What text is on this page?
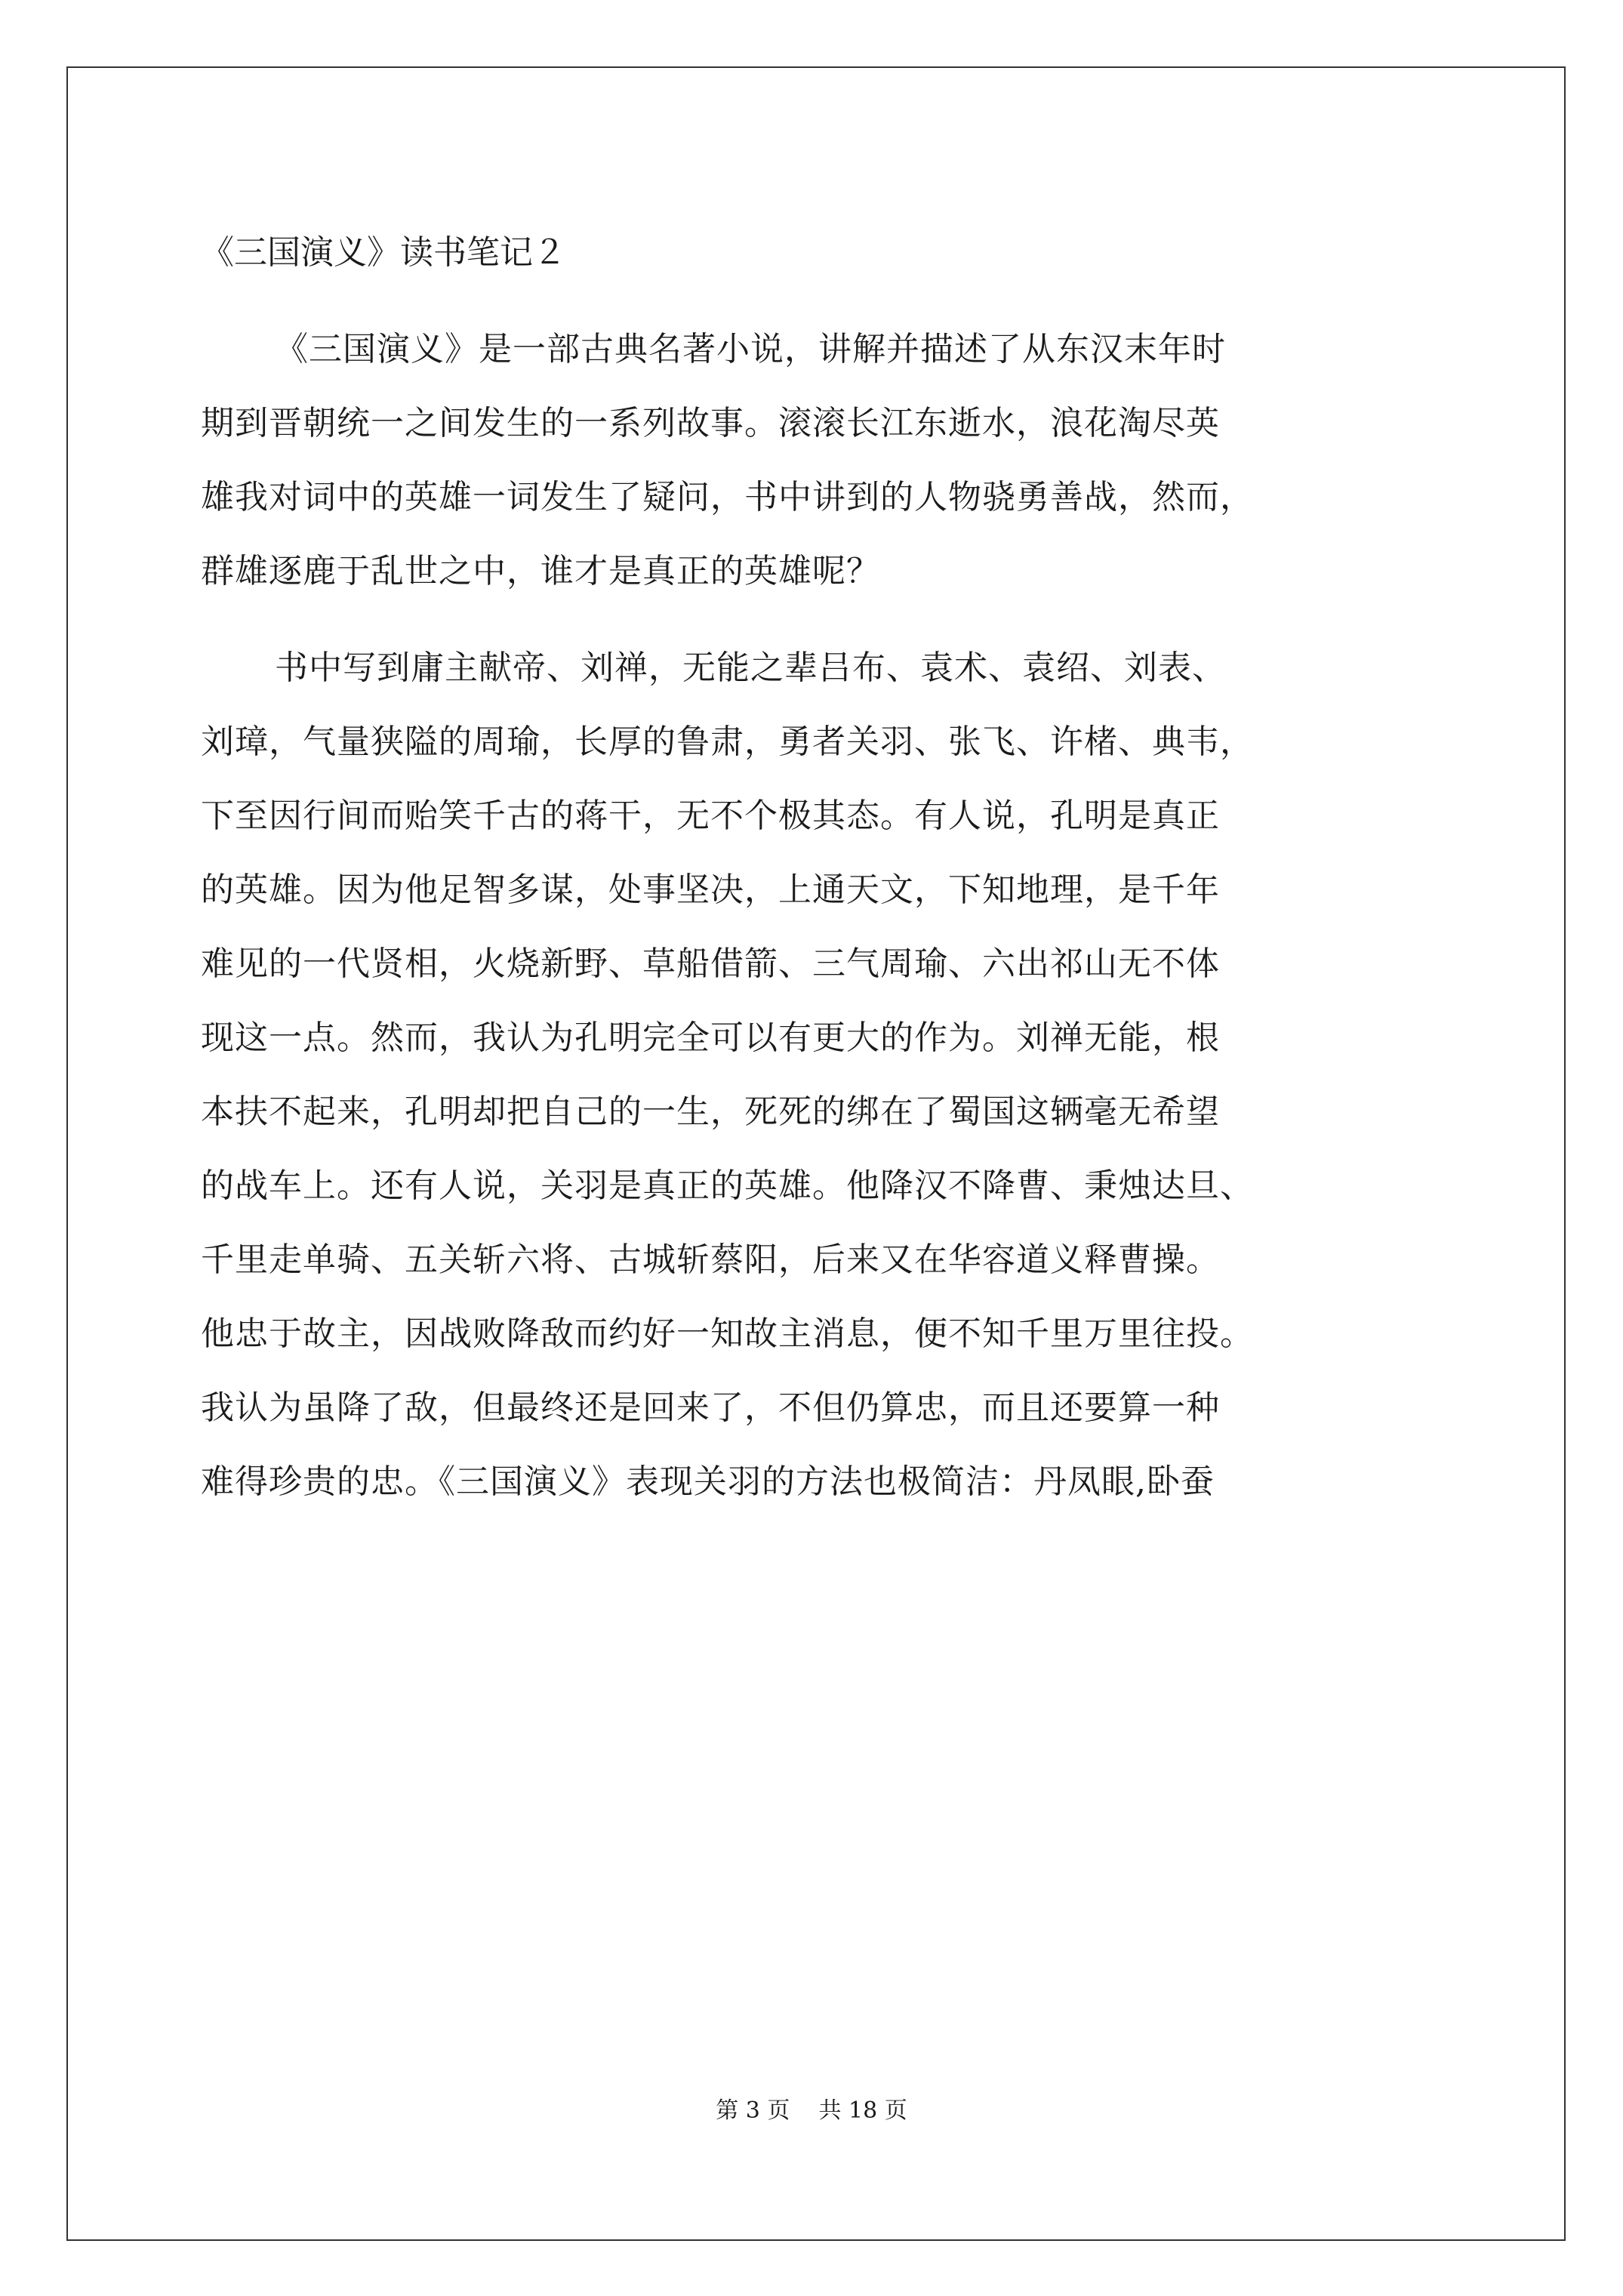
《三国演义》读书笔记２
《三国演义》是一部古典名著小说，讲解并描述了从东汉末年时
期到晋朝统一之间发生的一系列故事。滚滚长江东逝水，浪花淘尽英
雄我对词中的英雄一词发生了疑问，书中讲到的人物骁勇善战，然而，
群雄逐鹿于乱世之中，谁才是真正的英雄呢？
书中写到庸主献帝、刘禅，无能之辈吕布、袁术、袁绍、刘表、
刘璋，气量狭隘的周瑜，长厚的鲁肃，勇者关羽、张飞、许楮、典韦，
下至因行间而贻笑千古的蒋干，无不个极其态。有人说，孔明是真正
的英雄。因为他足智多谋，处事坚决，上通天文，下知地理，是千年
难见的一代贤相，火烧新野、草船借箭、三气周瑜、六出祁山无不体
现这一点。然而，我认为孔明完全可以有更大的作为。刘禅无能，根
本扶不起来，孔明却把自己的一生，死死的绑在了蜀国这辆毫无希望
的战车上。还有人说，关羽是真正的英雄。他降汉不降曹、秉烛达旦、
千里走单骑、五关斩六将、古城斩蔡阳，后来又在华容道义释曹操。
他忠于故主，因战败降敌而约好一知故主消息，便不知千里万里往投。
我认为虽降了敌，但最终还是回来了，不但仍算忠，而且还要算一种
难得珍贵的忠。《三国演义》表现关羽的方法也极简洁：丹凤眼,卧蚕
第 3 页    共 18 页
